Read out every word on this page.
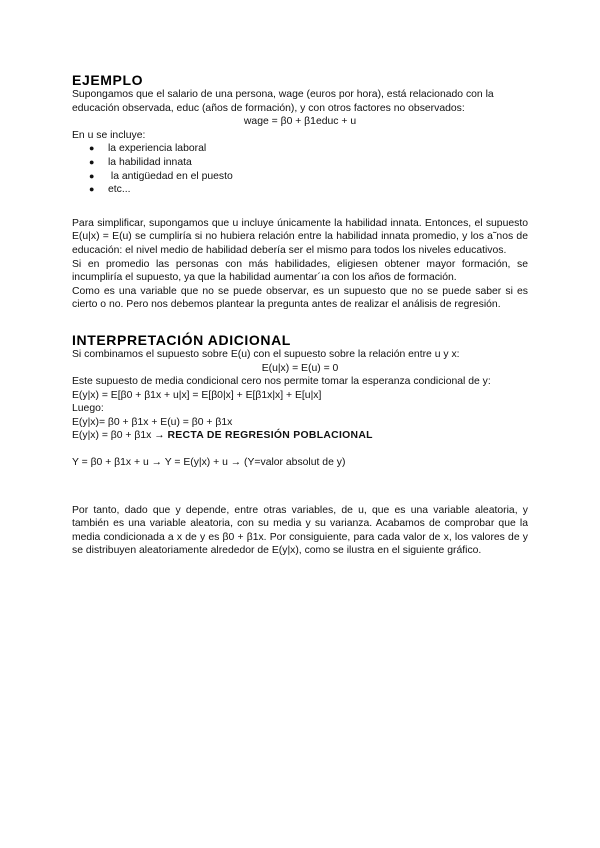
EJEMPLO

Supongamos que el salario de una persona, wage (euros por hora), está relacionado con la

educación observada, educ (años de formación), y con otros factores no observados:

wage = β0 + β1educ + u

En u se incluye:

● la experiencia laboral
● la habilidad innata
● la antigüedad en el puesto
● etc...

Para simplificar, supongamos que u incluye únicamente la habilidad innata. Entonces, el supuesto E(u|x) = E(u) se cumpliría si no hubiera relación entre la habilidad innata promedio, y los a˜nos de educación: el nivel medio de habilidad debería ser el mismo para todos los niveles educativos.

Si en promedio las personas con más habilidades, eligiesen obtener mayor formación, se incumpliría el supuesto, ya que la habilidad aumentar´ıa con los años de formación.

Como es una variable que no se puede observar, es un supuesto que no se puede saber si es cierto o no. Pero nos debemos plantear la pregunta antes de realizar el análisis de regresión.

INTERPRETACIÓN ADICIONAL

Si combinamos el supuesto sobre E(u) con el supuesto sobre la relación entre u y x:

E(u|x) = E(u) = 0

Este supuesto de media condicional cero nos permite tomar la esperanza condicional de y:

E(y|x) = E[β0 + β1x + u|x] = E[β0|x] + E[β1x|x] + E[u|x]

Luego:

E(y|x)= β0 + β1x + E(u) = β0 + β1x

E(y|x) = β0 + β1x → RECTA DE REGRESIÓN POBLACIONAL

Y = β0 + β1x + u → Y = E(y|x) + u → (Y=valor absolut de y)

Por tanto, dado que y depende, entre otras variables, de u, que es una variable aleatoria, y también es una variable aleatoria, con su media y su varianza. Acabamos de comprobar que la media condicionada a x de y es β0 + β1x. Por consiguiente, para cada valor de x, los valores de y se distribuyen aleatoriamente alrededor de E(y|x), como se ilustra en el siguiente gráfico.
